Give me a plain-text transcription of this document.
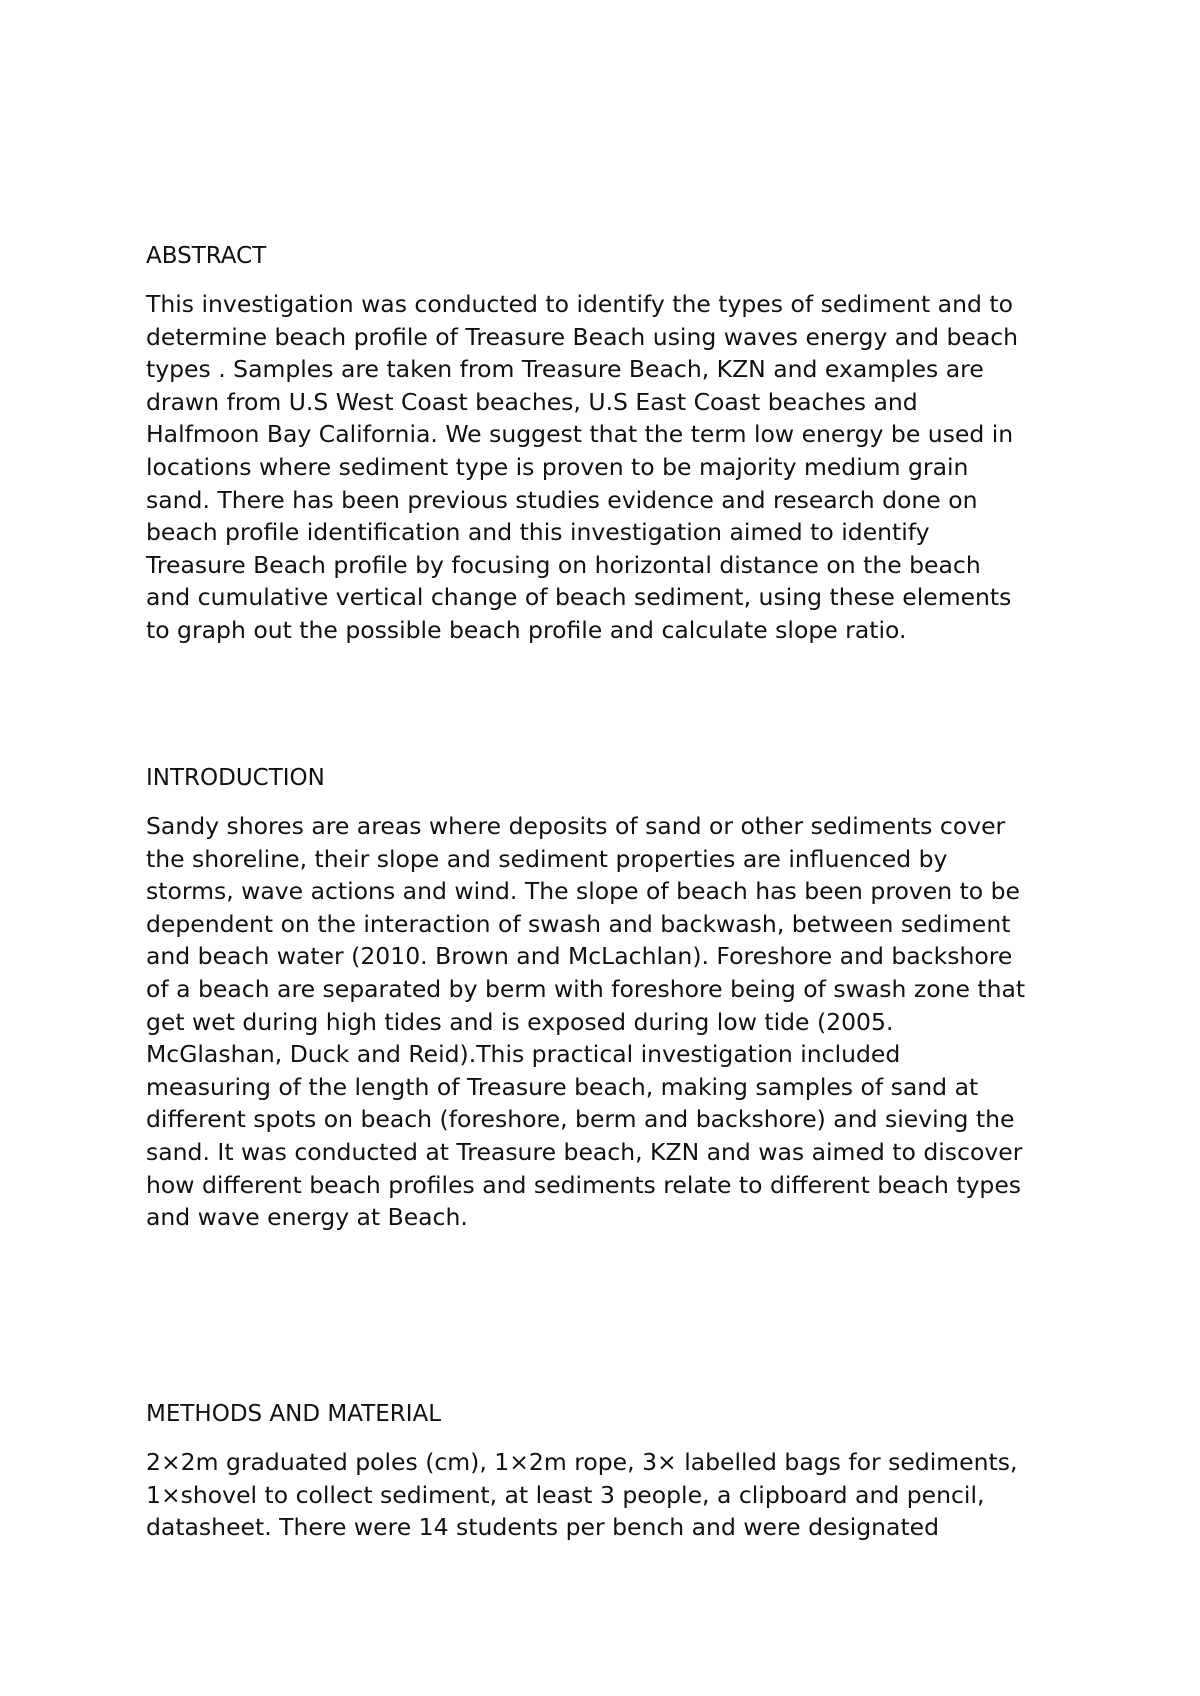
ABSTRACT

This investigation was conducted to identify the types of sediment and to
determine beach profile of Treasure Beach using waves energy and beach
types . Samples are taken from Treasure Beach, KZN and examples are
drawn from U.S West Coast beaches, U.S East Coast beaches and
Halfmoon Bay California. We suggest that the term low energy be used in
locations where sediment type is proven to be majority medium grain
sand. There has been previous studies evidence and research done on
beach profile identification and this investigation aimed to identify
Treasure Beach profile by focusing on horizontal distance on the beach
and cumulative vertical change of beach sediment, using these elements
to graph out the possible beach profile and calculate slope ratio.

INTRODUCTION

Sandy shores are areas where deposits of sand or other sediments cover
the shoreline, their slope and sediment properties are influenced by
storms, wave actions and wind. The slope of beach has been proven to be
dependent on the interaction of swash and backwash, between sediment
and beach water (2010. Brown and McLachlan). Foreshore and backshore
of a beach are separated by berm with foreshore being of swash zone that
get wet during high tides and is exposed during low tide (2005.
McGlashan, Duck and Reid).This practical investigation included
measuring of the length of Treasure beach, making samples of sand at
different spots on beach (foreshore, berm and backshore) and sieving the
sand. It was conducted at Treasure beach, KZN and was aimed to discover
how different beach profiles and sediments relate to different beach types
and wave energy at Beach.

METHODS AND MATERIAL

2×2m graduated poles (cm), 1×2m rope, 3× labelled bags for sediments,
1×shovel to collect sediment, at least 3 people, a clipboard and pencil,
datasheet. There were 14 students per bench and were designated
